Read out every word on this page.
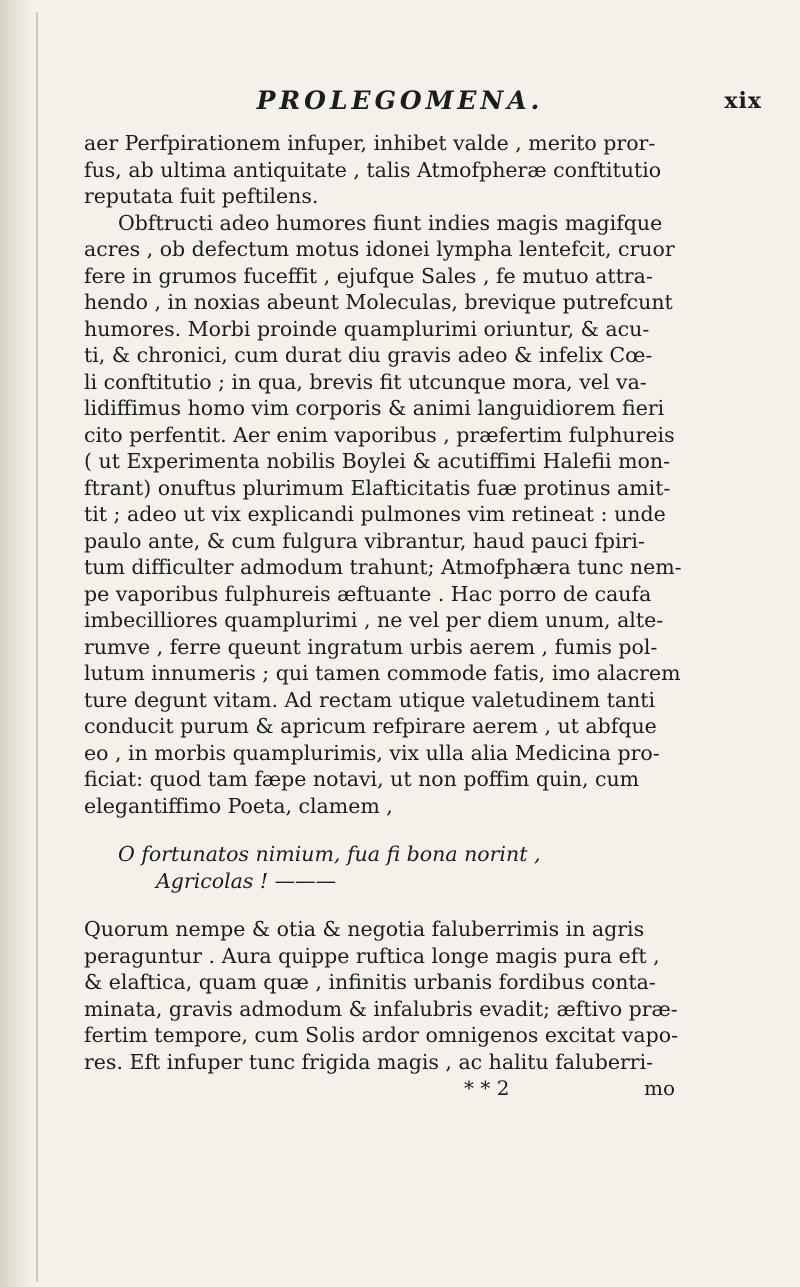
PROLEGOMENA.	xix
aer Perfpirationem infuper, inhibet valde , merito pror-
fus, ab ultima antiquitate , talis Atmofpheræ conftitutio
reputata fuit peftilens.
Obftructi adeo humores fiunt indies magis magifque
acres , ob defectum motus idonei lympha lentefcit, cruor
fere in grumos fuceffit , ejufque Sales , fe mutuo attra-
hendo , in noxias abeunt Moleculas, brevique putrefcunt
humores. Morbi proinde quamplurimi oriuntur, & acu-
ti, & chronici, cum durat diu gravis adeo & infelix Cœ-
li conftitutio ; in qua, brevis fit utcunque mora, vel va-
lidiffimus homo vim corporis & animi languidiorem fieri
cito perfentit. Aer enim vaporibus , præfertim fulphureis
( ut Experimenta nobilis Boylei & acutiffimi Halefii mon-
ftrant) onuftus plurimum Elafticitatis fuæ protinus amit-
tit ; adeo ut vix explicandi pulmones vim retineat : unde
paulo ante, & cum fulgura vibrantur, haud pauci fpiri-
tum difficulter admodum trahunt; Atmofphæra tunc nem-
pe vaporibus fulphureis æftuante . Hac porro de caufa
imbecilliores quamplurimi , ne vel per diem unum, alte-
rumve , ferre queunt ingratum urbis aerem , fumis pol-
lutum innumeris ; qui tamen commode fatis, imo alacrem
ture degunt vitam. Ad rectam utique valetudinem tanti
conducit purum & apricum refpirare aerem , ut abfque
eo , in morbis quamplurimis, vix ulla alia Medicina pro-
ficiat: quod tam fæpe notavi, ut non poffim quin, cum
elegantiffimo Poeta, clamem ,
O fortunatos nimium, fua fi bona norint ,
Agricolas ! ———
Quorum nempe & otia & negotia faluberrimis in agris
peraguntur . Aura quippe ruftica longe magis pura eft ,
& elaftica, quam quæ , infinitis urbanis fordibus conta-
minata, gravis admodum & infalubris evadit; æftivo præ-
fertim tempore, cum Solis ardor omnigenos excitat vapo-
res. Eft infuper tunc frigida magis , ac halitu faluberri-
* * 2	mo
